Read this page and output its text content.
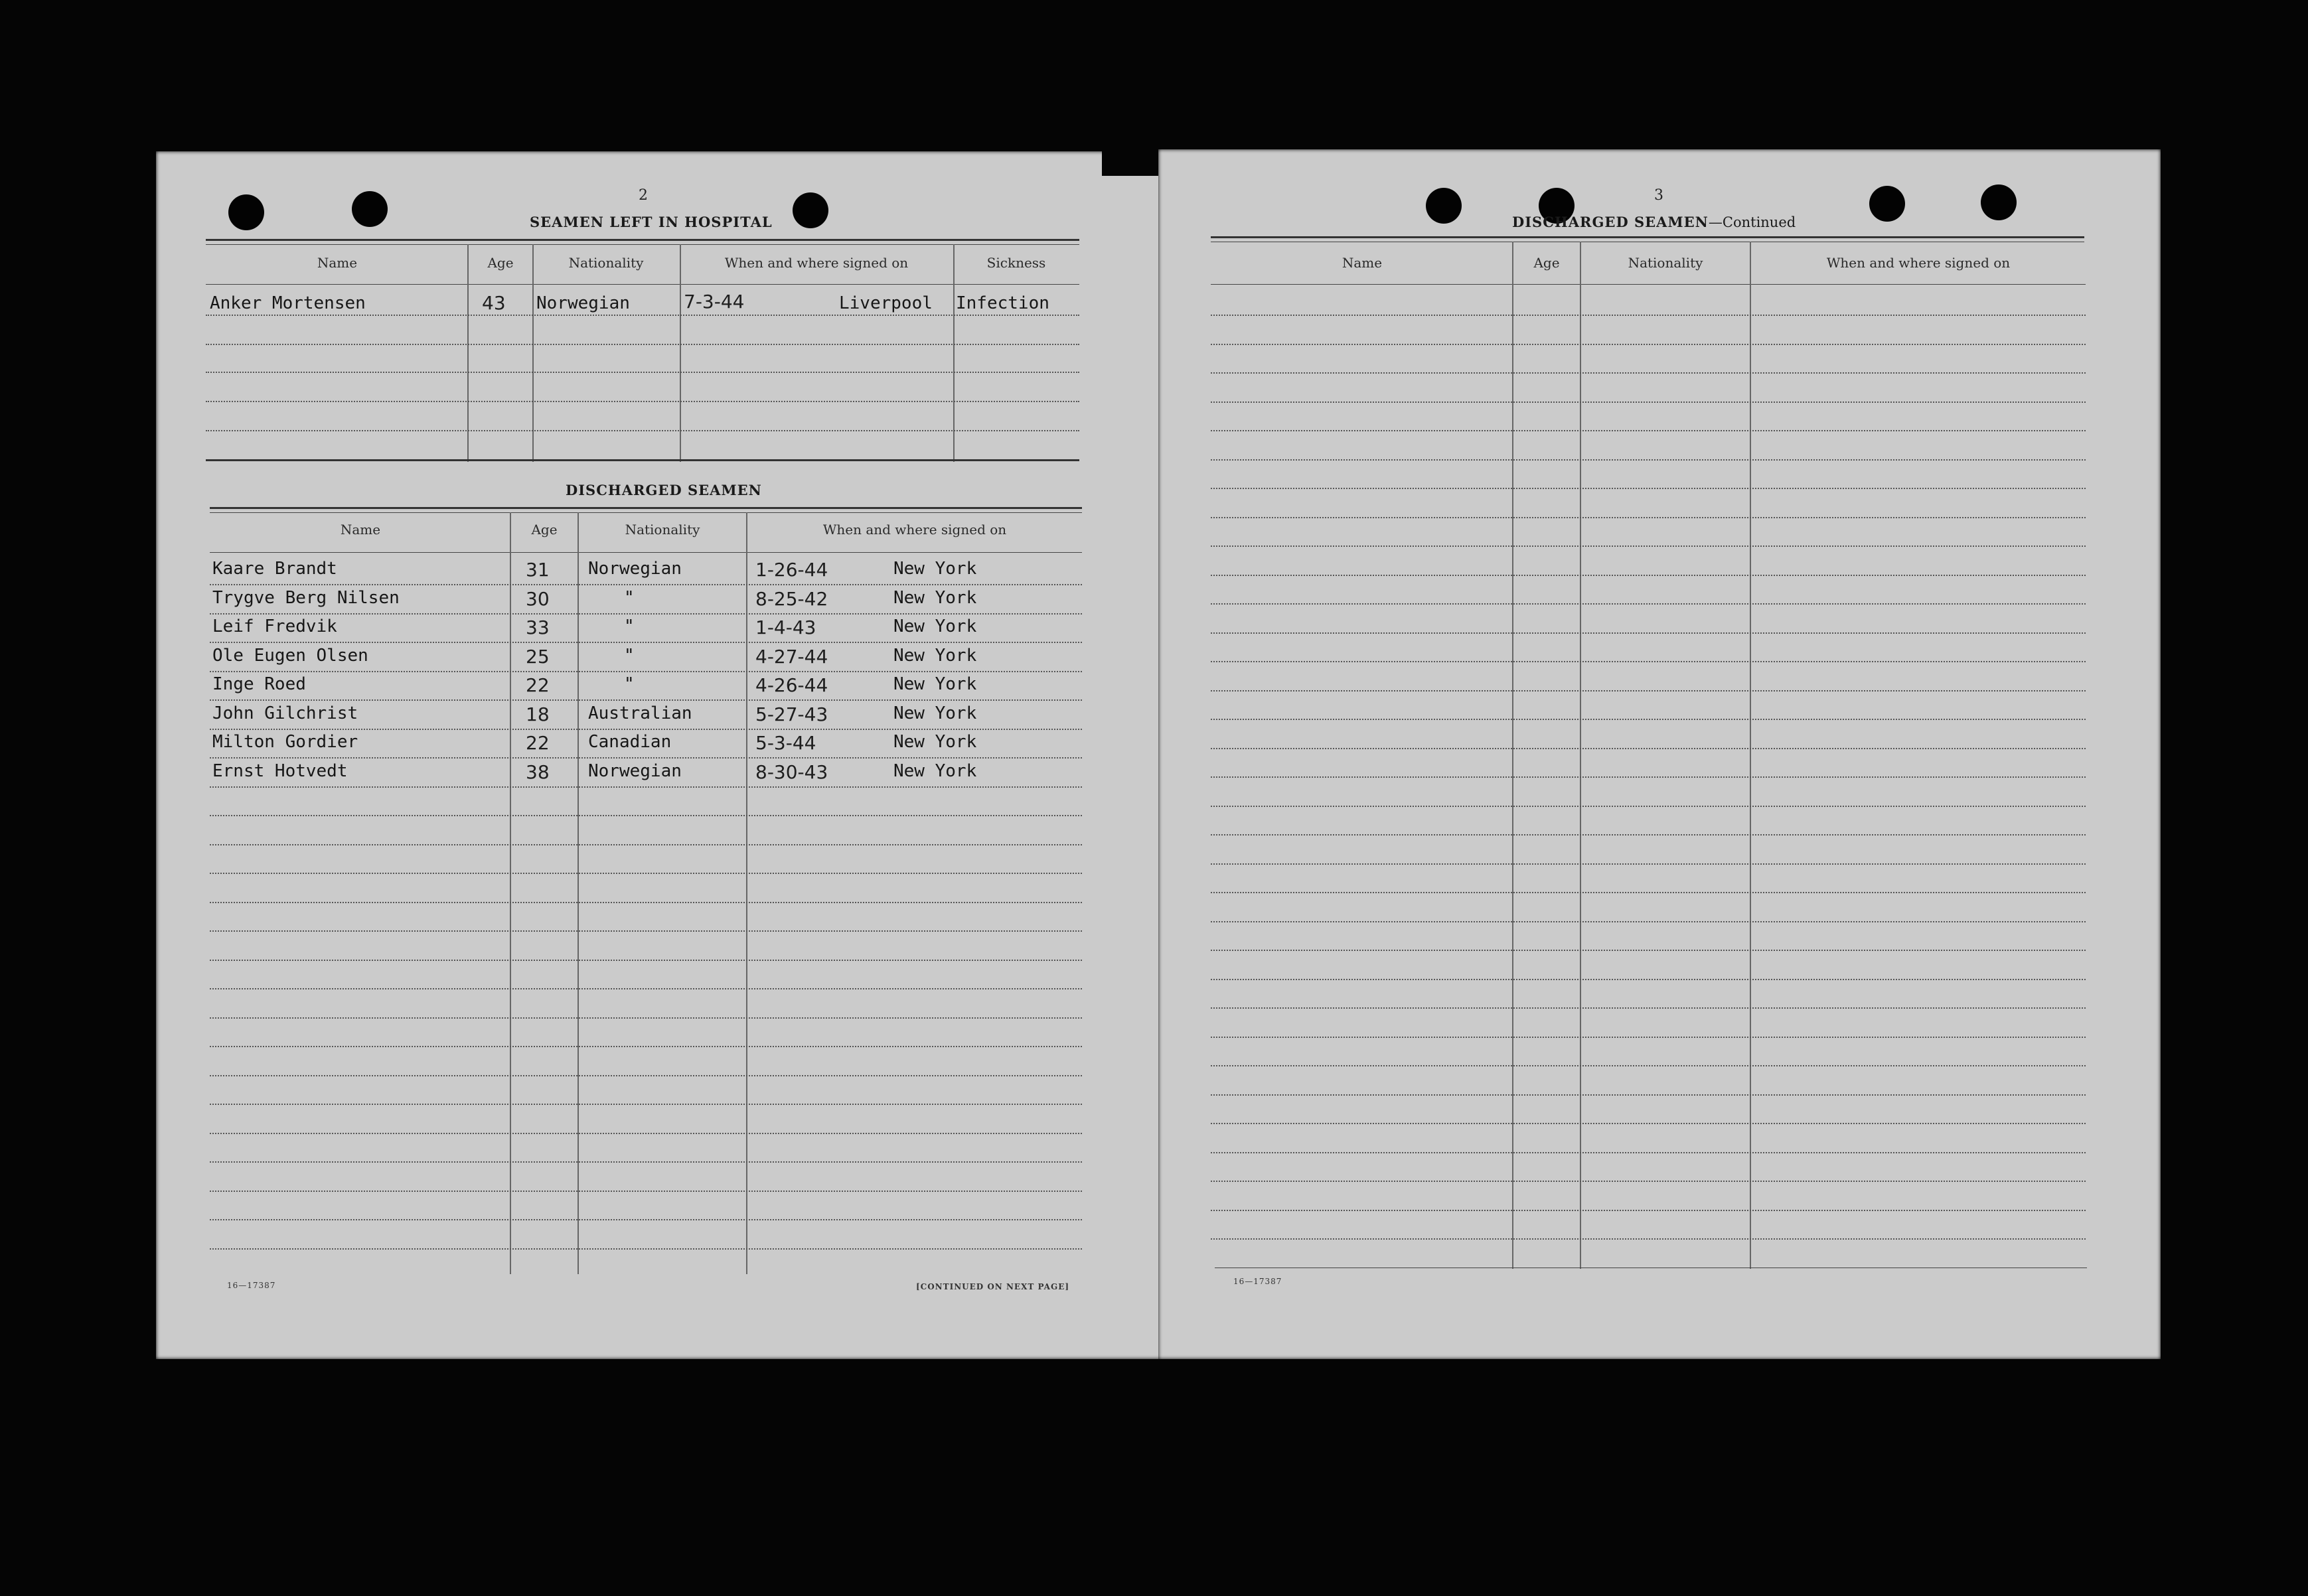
2
SEAMEN LEFT IN HOSPITAL
Name	Age	Nationality	When and where signed on	Sickness
Anker Mortensen	43 Norwegian	7-3-44	Liverpool Infection
DISCHARGED SEAMEN
Name	Age	Nationality	When and where signed on
Kaare Brandt	31 Norwegian	1-26-44	New York
Trygve Berg Nilsen	30	"	8-25-42	New York
Leif Fredvik	33	"	1-4-43	New York
Ole Eugen Olsen	25	"	4-27-44	New York
Inge Roed	22	"	4-26-44	New York
John Gilchrist	18 Australian	5-27-43	New York
Milton Gordier	22 Canadian	5-3-44	New York
Ernst Hotvedt	38 Norwegian	8-30-43	New York
16—17387	[CONTINUED ON NEXT PAGE]
3
DISCHARGED SEAMEN—Continued
Name	Age	Nationality	When and where signed on
16—17387
